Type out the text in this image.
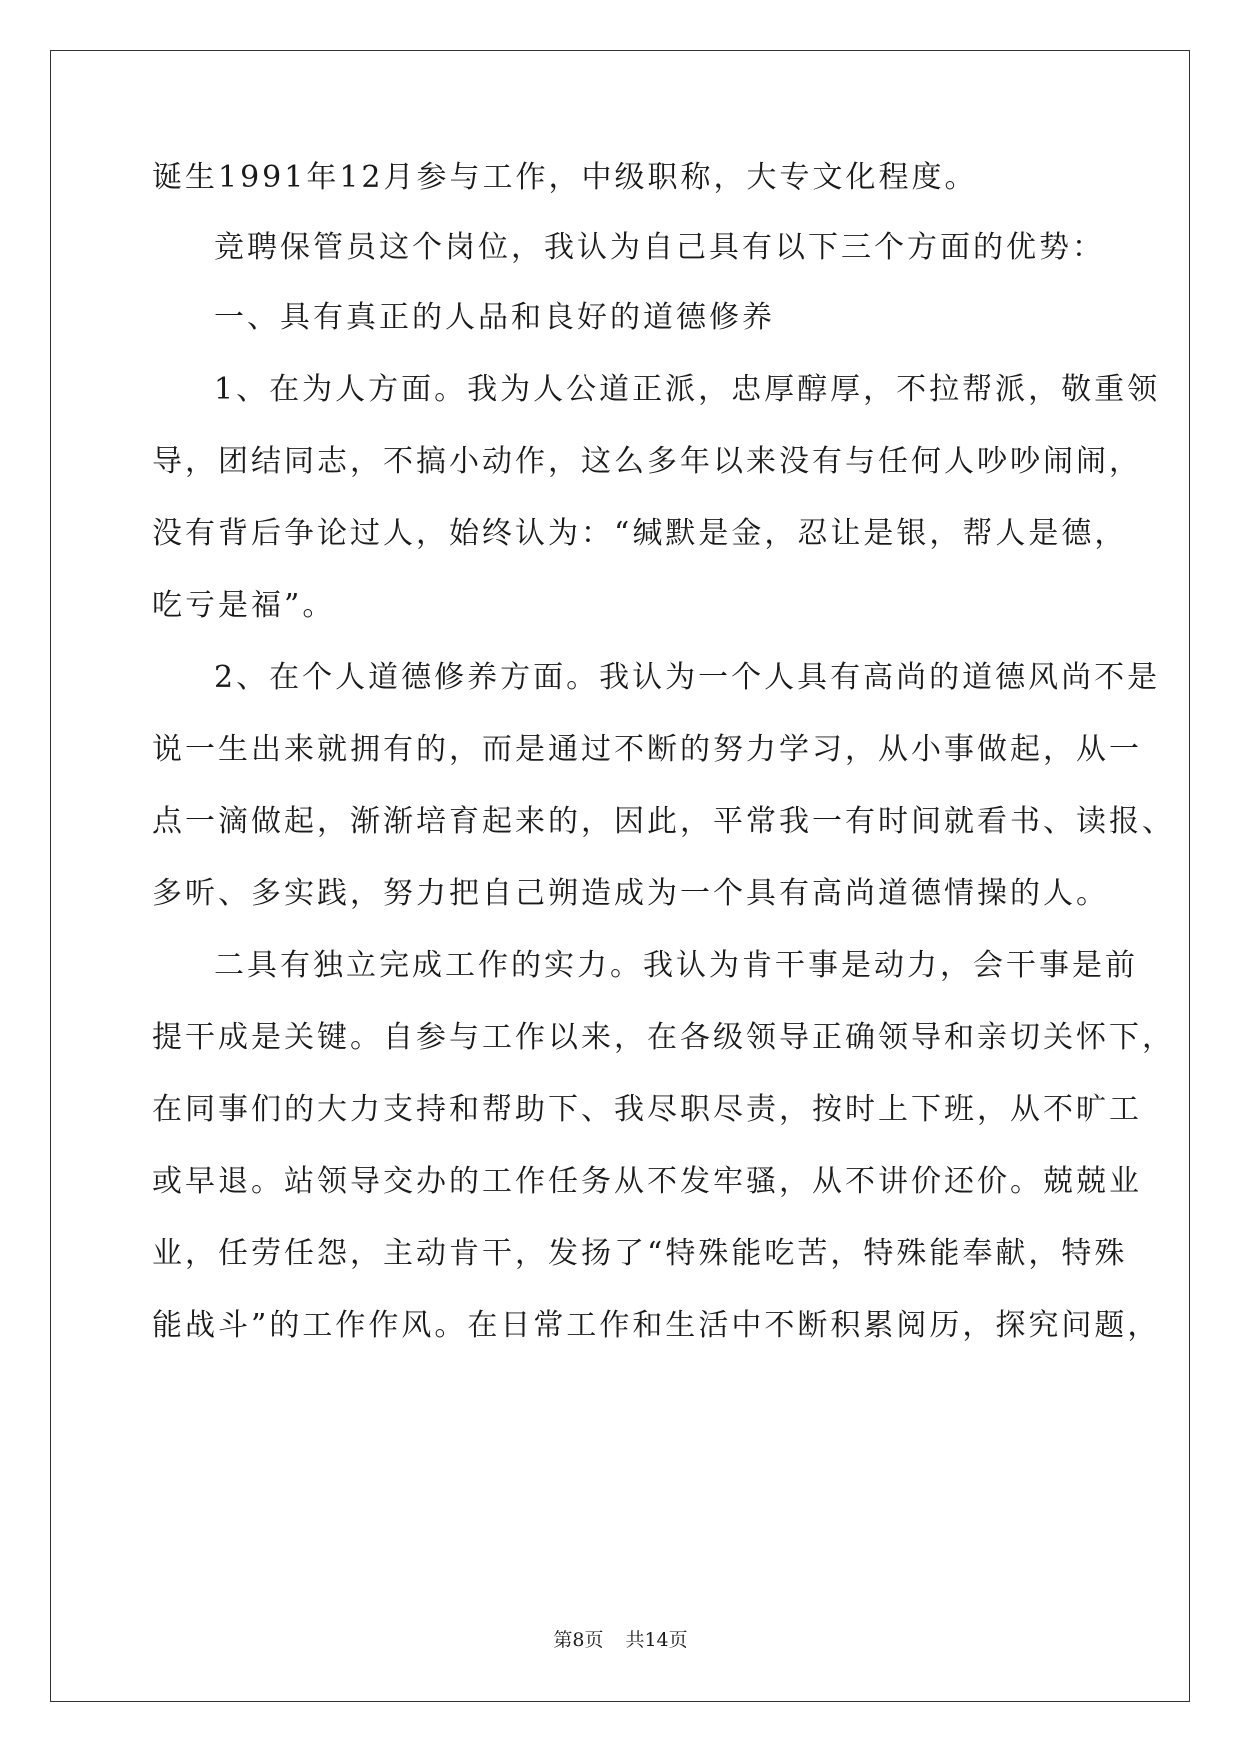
诞生1991年12月参与工作，中级职称，大专文化程度。
竞聘保管员这个岗位，我认为自己具有以下三个方面的优势：
一、具有真正的人品和良好的道德修养
1、在为人方面。我为人公道正派，忠厚醇厚，不拉帮派，敬重领
导，团结同志，不搞小动作，这么多年以来没有与任何人吵吵闹闹，
没有背后争论过人，始终认为：“缄默是金，忍让是银，帮人是德，
吃亏是福”。
2、在个人道德修养方面。我认为一个人具有高尚的道德风尚不是
说一生出来就拥有的，而是通过不断的努力学习，从小事做起，从一
点一滴做起，渐渐培育起来的，因此，平常我一有时间就看书、读报、
多听、多实践，努力把自己朔造成为一个具有高尚道德情操的人。
二具有独立完成工作的实力。我认为肯干事是动力，会干事是前
提干成是关键。自参与工作以来，在各级领导正确领导和亲切关怀下，
在同事们的大力支持和帮助下、我尽职尽责，按时上下班，从不旷工
或早退。站领导交办的工作任务从不发牢骚，从不讲价还价。兢兢业
业，任劳任怨，主动肯干，发扬了“特殊能吃苦，特殊能奉献，特殊
能战斗”的工作作风。在日常工作和生活中不断积累阅历，探究问题，
第8页 共14页
